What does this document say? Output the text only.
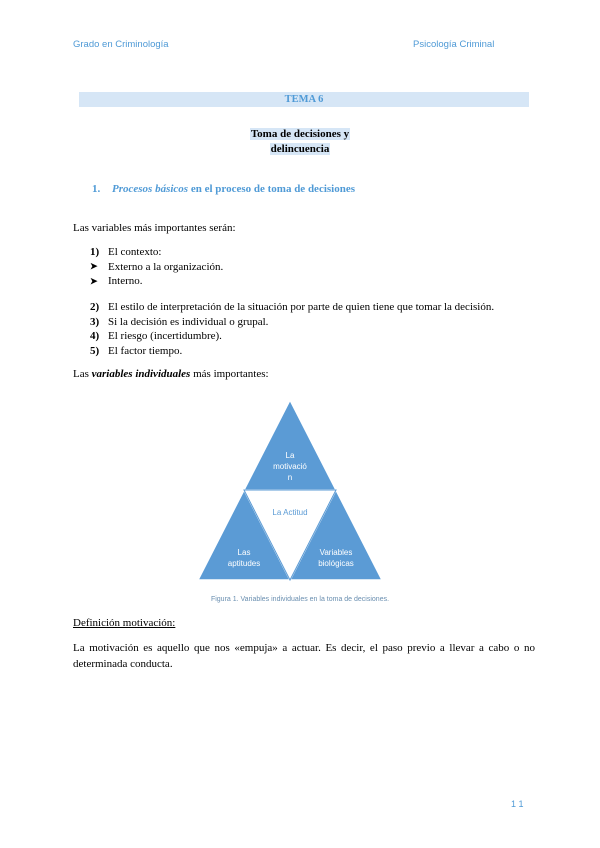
Grado en Criminología	Psicología Criminal
TEMA 6
Toma de decisiones y
delincuencia
1. Procesos básicos en el proceso de toma de decisiones
Las variables más importantes serán:
1) El contexto:
➤ Externo a la organización.
➤ Interno.
2) El estilo de interpretación de la situación por parte de quien tiene que tomar la decisión.
3) Si la decisión es individual o grupal.
4) El riesgo (incertidumbre).
5) El factor tiempo.
Las variables individuales más importantes:
La
motivació
n
Las
aptitudes
Variables
biológicas
La Actitud
Figura 1. Variables individuales en la toma de decisiones.
Definición motivación:
La motivación es aquello que nos «empuja» a actuar. Es decir, el paso previo a llevar a cabo o no determinada conducta.
1 1
